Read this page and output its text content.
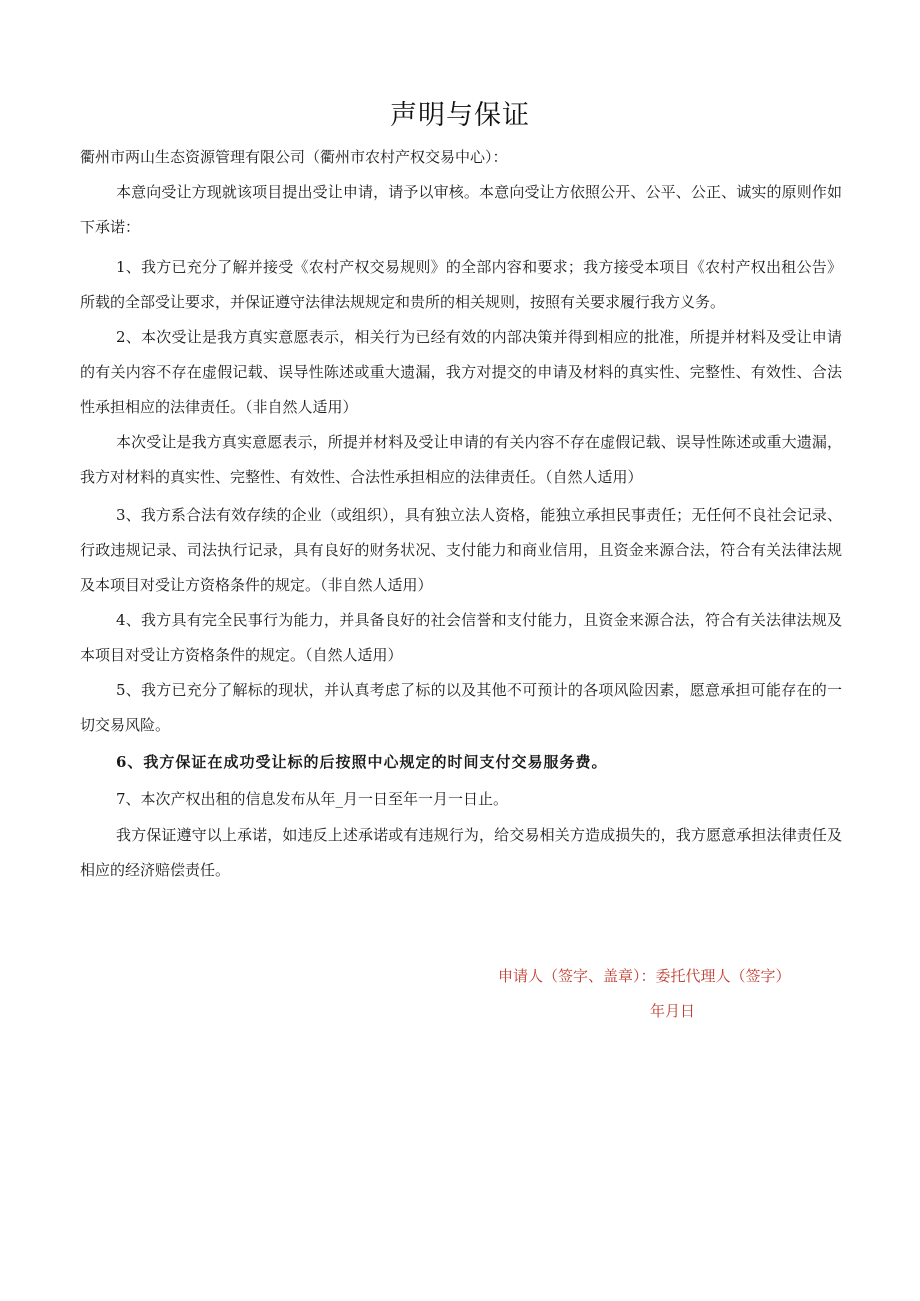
声明与保证
衢州市两山生态资源管理有限公司（衢州市农村产权交易中心）：
本意向受让方现就该项目提出受让申请，请予以审核。本意向受让方依照公开、公平、公正、诚实的原则作如下承诺：
1、我方已充分了解并接受《农村产权交易规则》的全部内容和要求；我方接受本项目《农村产权出租公告》所载的全部受让要求，并保证遵守法律法规规定和贵所的相关规则，按照有关要求履行我方义务。
2、本次受让是我方真实意愿表示，相关行为已经有效的内部决策并得到相应的批准，所提并材料及受让申请的有关内容不存在虚假记载、误导性陈述或重大遗漏，我方对提交的申请及材料的真实性、完整性、有效性、合法性承担相应的法律责任。（非自然人适用）
本次受让是我方真实意愿表示，所提并材料及受让申请的有关内容不存在虚假记载、误导性陈述或重大遗漏，我方对材料的真实性、完整性、有效性、合法性承担相应的法律责任。（自然人适用）
3、我方系合法有效存续的企业（或组织），具有独立法人资格，能独立承担民事责任；无任何不良社会记录、行政违规记录、司法执行记录，具有良好的财务状况、支付能力和商业信用，且资金来源合法，符合有关法律法规及本项目对受让方资格条件的规定。（非自然人适用）
4、我方具有完全民事行为能力，并具备良好的社会信誉和支付能力，且资金来源合法，符合有关法律法规及本项目对受让方资格条件的规定。（自然人适用）
5、我方已充分了解标的现状，并认真考虑了标的以及其他不可预计的各项风险因素，愿意承担可能存在的一切交易风险。
6、我方保证在成功受让标的后按照中心规定的时间支付交易服务费。
7、本次产权出租的信息发布从年_月一日至年一月一日止。
我方保证遵守以上承诺，如违反上述承诺或有违规行为，给交易相关方造成损失的，我方愿意承担法律责任及相应的经济赔偿责任。
申请人（签字、盖章）：委托代理人（签字）
年月日
